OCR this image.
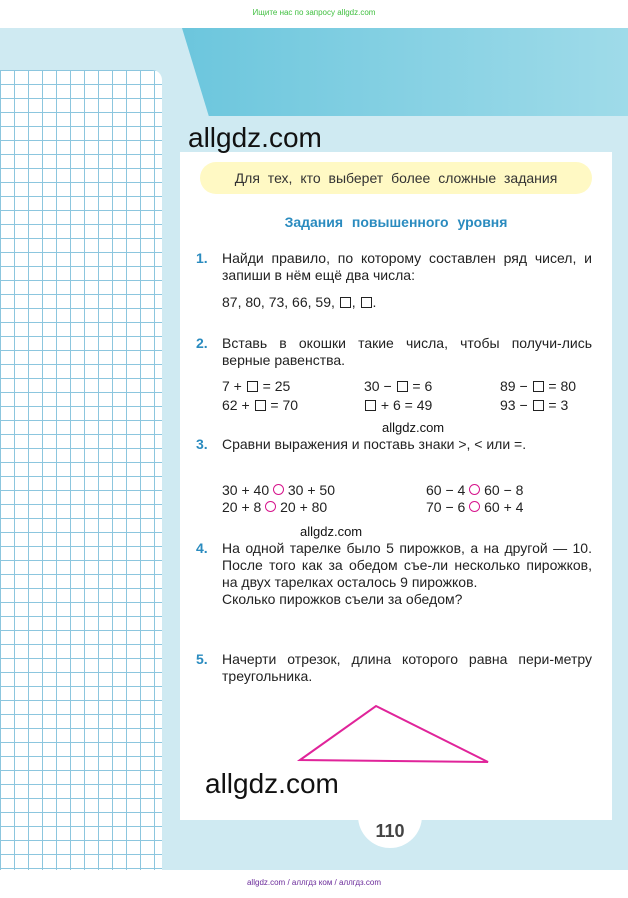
Ищите нас по запросу allgdz.com
allgdz.com
Для тех, кто выберет более сложные задания
Задания повышенного уровня
1. Найди правило, по которому составлен ряд чисел, и запиши в нём ещё два числа:
87, 80, 73, 66, 59, , .
2. Вставь в окошки такие числа, чтобы получи-лись верные равенства.
7 +  = 25	30 −  = 6	89 −  = 80
62 +  = 70	+ 6 = 49	93 −  = 3
allgdz.com
3. Сравни выражения и поставь знаки >, < или =.
30 + 40 30 + 50	60 − 4 60 − 8
20 + 8 20 + 80	70 − 6 60 + 4
allgdz.com
4. На одной тарелке было 5 пирожков, а на другой — 10. После того как за обедом съе-ли несколько пирожков, на двух тарелках осталось 9 пирожков.
Сколько пирожков съели за обедом?
5. Начерти отрезок, длина которого равна пери-метру треугольника.
allgdz.com
110
allgdz.com / аллгдз ком / аллгдз.com
